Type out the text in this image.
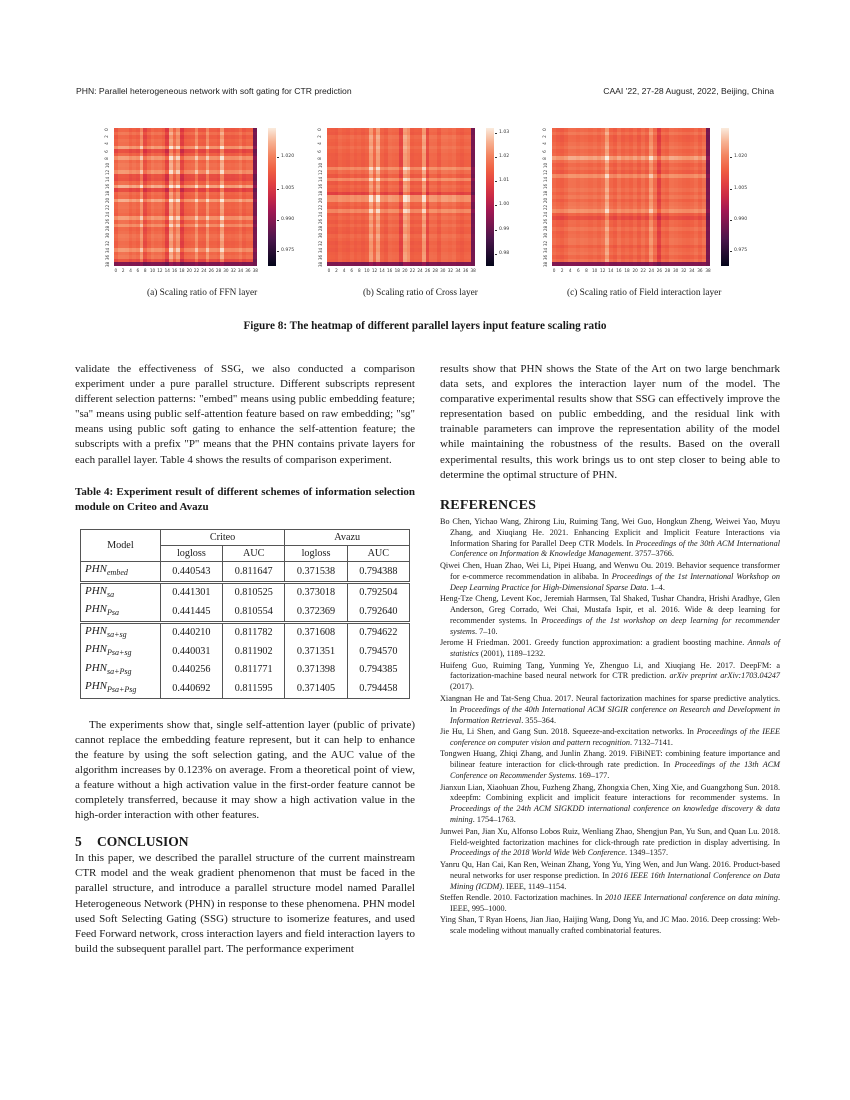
PHN: Parallel heterogeneous network with soft gating for CTR prediction	CAAI '22, 27-28 August, 2022, Beijing, China
0
2
4
6
8
10
12
14
16
18
20
22
24
26
28
30
32
34
36
38
0 2 4 6 8 10 12 14 16 18 20 22 24 26 28 30 32 34 36 38
1.020
1.005
0.990
0.975
0
2
4
6
8
10
12
14
16
18
20
22
24
26
28
30
32
34
36
38
0 2 4 6 8 10 12 14 16 18 20 22 24 26 28 30 32 34 36 38
1.03
1.02
1.01
1.00
0.99
0.98
0
2
4
6
8
10
12
14
16
18
20
22
24
26
28
30
32
34
36
38
0 2 4 6 8 10 12 14 16 18 20 22 24 26 28 30 32 34 36 38
1.020
1.005
0.990
0.975
(a) Scaling ratio of FFN layer	(b) Scaling ratio of Cross layer	(c) Scaling ratio of Field interaction layer
Figure 8: The heatmap of different parallel layers input feature scaling ratio

validate the effectiveness of SSG, we also conducted a comparison experiment under a pure parallel structure. Different subscripts represent different selection patterns: "embed" means using public embedding feature; "sa" means using public self-attention feature based on raw embedding; "sg" means using public soft gating to enhance the self-attention feature; the subscripts with a prefix "P" means that the PHN contains private layers for each parallel layer. Table 4 shows the results of comparison experiment.

Table 4: Experiment result of different schemes of information selection module on Criteo and Avazu
Model	Criteo		Avazu	
	logloss	AUC	logloss	AUC
$PHN_{embed}$	0.440543	0.811647	0.371538	0.794388
$PHN_{sa}$	0.441301	0.810525	0.373018	0.792504
$PHN_{Psa}$	0.441445	0.810554	0.372369	0.792640
$PHN_{sa+sg}$	0.440210	0.811782	0.371608	0.794622
$PHN_{Psa+sg}$	0.440031	0.811902	0.371351	0.794570
$PHN_{sa+Psg}$	0.440256	0.811771	0.371398	0.794385
$PHN_{Psa+Psg}$	0.440692	0.811595	0.371405	0.794458

The experiments show that, single self-attention layer (public of private) cannot replace the embedding feature represent, but it can help to enhance the feature by using the soft selection gating, and the AUC value of the algorithm increases by 0.123% on average. From a theoretical point of view, a feature without a high activation value in the first-order feature cannot be completely transferred, because it may show a high activation value in the high-order interaction with other features.

5 CONCLUSION

In this paper, we described the parallel structure of the current mainstream CTR model and the weak gradient phenomenon that must be faced in the parallel structure, and introduce a parallel structure model named Parallel Heterogeneous Network (PHN) in response to these phenomena. PHN model used Soft Selecting Gating (SSG) structure to isomerize features, and used Feed Forward network, cross interaction layers and field interaction layers to build the subsequent parallel part. The performance experiment

results show that PHN shows the State of the Art on two large benchmark data sets, and explores the interaction layer num of the model. The comparative experimental results show that SSG can effectively improve the representation based on public embedding, and the residual link with trainable parameters can improve the representation ability of the model while maintaining the robustness of the results. Based on the overall experimental results, this work brings us to ont step closer to being able to determine the optimal structure of PHN.

REFERENCES
Bo Chen, Yichao Wang, Zhirong Liu, Ruiming Tang, Wei Guo, Hongkun Zheng, Weiwei Yao, Muyu Zhang, and Xiuqiang He. 2021. Enhancing Explicit and Implicit Feature Interactions via Information Sharing for Parallel Deep CTR Models. In Proceedings of the 30th ACM International Conference on Information & Knowledge Management. 3757–3766.
Qiwei Chen, Huan Zhao, Wei Li, Pipei Huang, and Wenwu Ou. 2019. Behavior sequence transformer for e-commerce recommendation in alibaba. In Proceedings of the 1st International Workshop on Deep Learning Practice for High-Dimensional Sparse Data. 1–4.
Heng-Tze Cheng, Levent Koc, Jeremiah Harmsen, Tal Shaked, Tushar Chandra, Hrishi Aradhye, Glen Anderson, Greg Corrado, Wei Chai, Mustafa Ispir, et al. 2016. Wide & deep learning for recommender systems. In Proceedings of the 1st workshop on deep learning for recommender systems. 7–10.
Jerome H Friedman. 2001. Greedy function approximation: a gradient boosting machine. Annals of statistics (2001), 1189–1232.
Huifeng Guo, Ruiming Tang, Yunming Ye, Zhenguo Li, and Xiuqiang He. 2017. DeepFM: a factorization-machine based neural network for CTR prediction. arXiv preprint arXiv:1703.04247 (2017).
Xiangnan He and Tat-Seng Chua. 2017. Neural factorization machines for sparse predictive analytics. In Proceedings of the 40th International ACM SIGIR conference on Research and Development in Information Retrieval. 355–364.
Jie Hu, Li Shen, and Gang Sun. 2018. Squeeze-and-excitation networks. In Proceedings of the IEEE conference on computer vision and pattern recognition. 7132–7141.
Tongwen Huang, Zhiqi Zhang, and Junlin Zhang. 2019. FiBiNET: combining feature importance and bilinear feature interaction for click-through rate prediction. In Proceedings of the 13th ACM Conference on Recommender Systems. 169–177.
Jianxun Lian, Xiaohuan Zhou, Fuzheng Zhang, Zhongxia Chen, Xing Xie, and Guangzhong Sun. 2018. xdeepfm: Combining explicit and implicit feature interactions for recommender systems. In Proceedings of the 24th ACM SIGKDD international conference on knowledge discovery & data mining. 1754–1763.
Junwei Pan, Jian Xu, Alfonso Lobos Ruiz, Wenliang Zhao, Shengjun Pan, Yu Sun, and Quan Lu. 2018. Field-weighted factorization machines for click-through rate prediction in display advertising. In Proceedings of the 2018 World Wide Web Conference. 1349–1357.
Yanru Qu, Han Cai, Kan Ren, Weinan Zhang, Yong Yu, Ying Wen, and Jun Wang. 2016. Product-based neural networks for user response prediction. In 2016 IEEE 16th International Conference on Data Mining (ICDM). IEEE, 1149–1154.
Steffen Rendle. 2010. Factorization machines. In 2010 IEEE International conference on data mining. IEEE, 995–1000.
Ying Shan, T Ryan Hoens, Jian Jiao, Haijing Wang, Dong Yu, and JC Mao. 2016. Deep crossing: Web-scale modeling without manually crafted combinatorial features.
